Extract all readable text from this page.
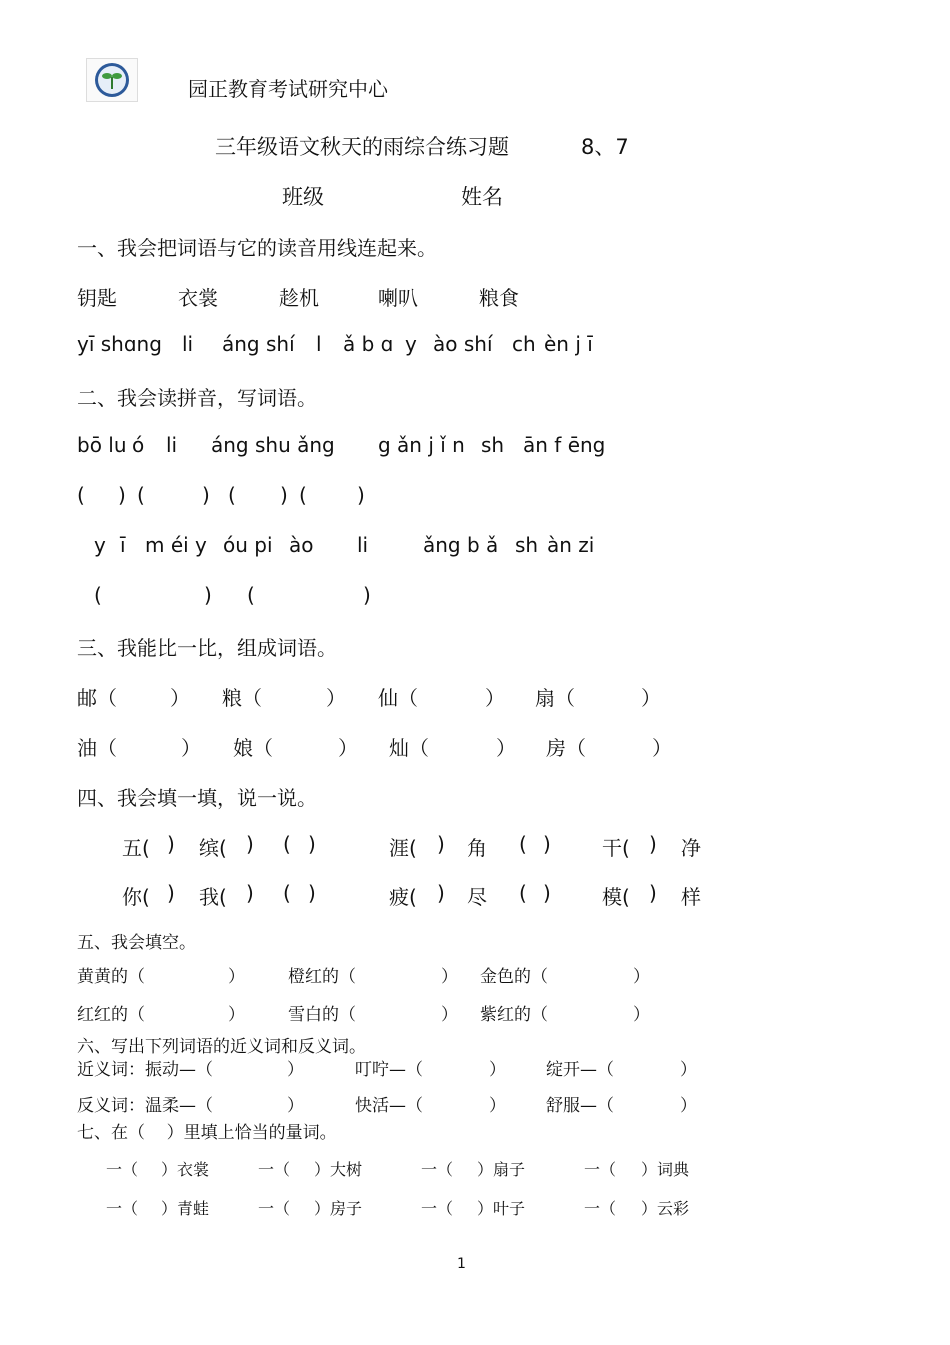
园正教育考试研究中心
三年级语文秋天的雨综合练习题	8、7
班级	姓名
一、我会把词语与它的读音用线连起来。
钥匙	衣裳	趁机	喇叭	粮食
yī shɑng li áng shí l ǎ b ɑ y ào shí ch èn j ī
二、我会读拼音，写词语。
bō lu ó li áng shu ǎng g ǎn j ǐ n sh ān f ēng
( ) (	) ( ) (	)
y ī m éi y óu pi ào li	ǎng b ǎ sh àn zi
(	) (	)
三、我能比一比，组成词语。
邮（	） 粮（	） 仙（	） 扇（	）
油（	） 娘（	） 灿（	） 房（	）
四、我会填一填，说一说。
五( ) 缤( ) ( )	涯( ) 角 ( )	干( ) 净
你( ) 我( ) ( )	疲( ) 尽 ( )	模( ) 样
五、我会填空。
黄黄的（	）	橙红的（	） 金色的（	）
红红的（	）	雪白的（	） 紫红的（	）
六、写出下列词语的近义词和反义词。
近义词：振动—（	）	叮咛—（	） 绽开—（	）
反义词：温柔—（	）	快活—（	） 舒服—（	）
七、在（    ）里填上恰当的量词。
一（ ）衣裳	一（ ）大树	一（ ）扇子	一（ ）词典
一（ ）青蛙	一（ ）房子	一（ ）叶子	一（ ）云彩
1
